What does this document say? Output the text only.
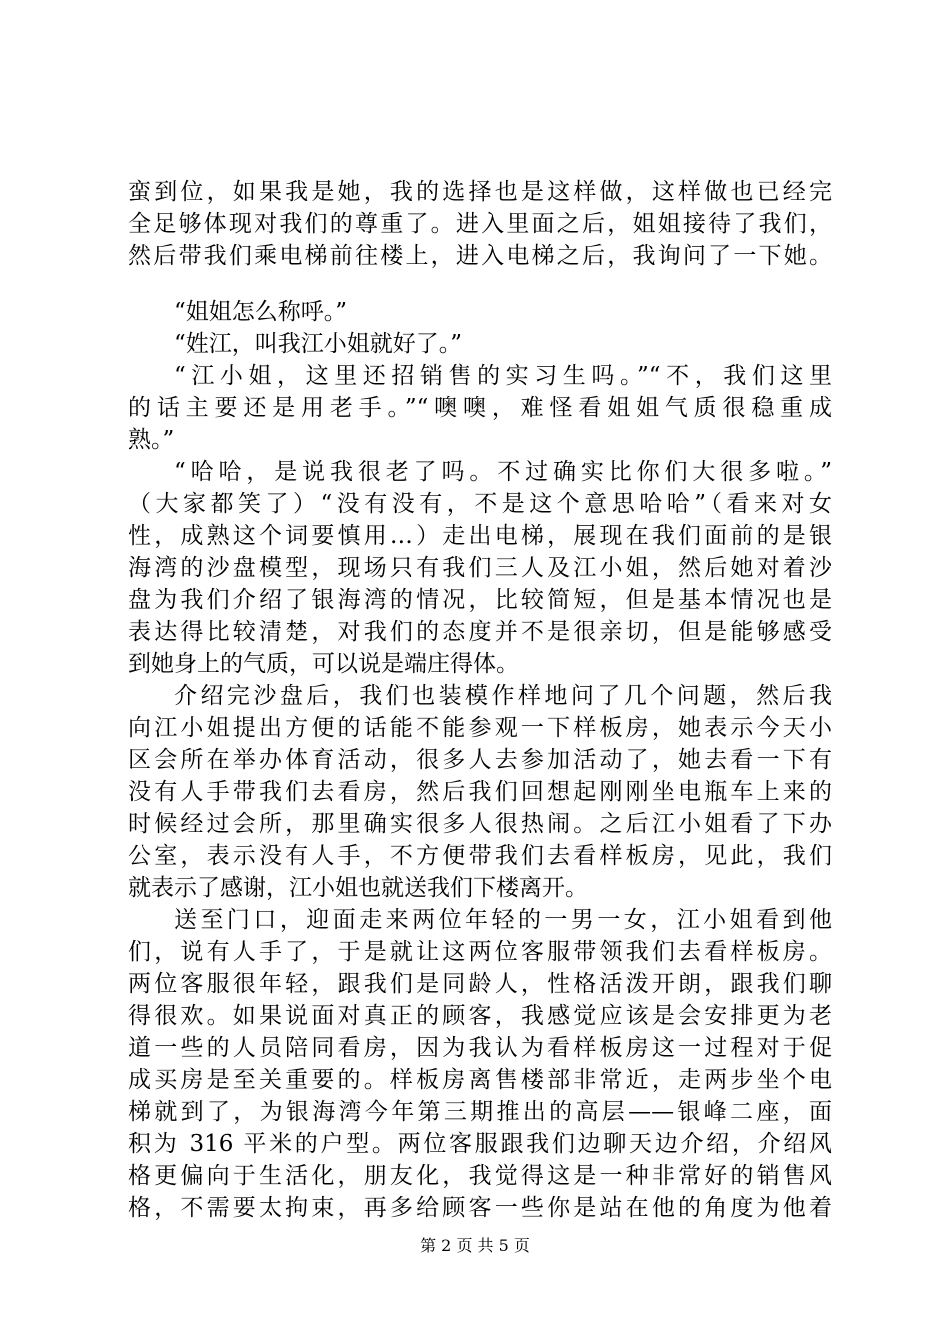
蛮到位，如果我是她，我的选择也是这样做，这样做也已经完
全足够体现对我们的尊重了。进入里面之后，姐姐接待了我们，
然后带我们乘电梯前往楼上，进入电梯之后，我询问了一下她。
“姐姐怎么称呼。”
“姓江，叫我江小姐就好了。”
“江小姐，这里还招销售的实习生吗。”“不，我们这里
的话主要还是用老手。”“噢噢，难怪看姐姐气质很稳重成
熟。”
“哈哈，是说我很老了吗。不过确实比你们大很多啦。”
（大家都笑了）“没有没有，不是这个意思哈哈”（看来对女
性，成熟这个词要慎用…）走出电梯，展现在我们面前的是银
海湾的沙盘模型，现场只有我们三人及江小姐，然后她对着沙
盘为我们介绍了银海湾的情况，比较简短，但是基本情况也是
表达得比较清楚，对我们的态度并不是很亲切，但是能够感受
到她身上的气质，可以说是端庄得体。
介绍完沙盘后，我们也装模作样地问了几个问题，然后我
向江小姐提出方便的话能不能参观一下样板房，她表示今天小
区会所在举办体育活动，很多人去参加活动了，她去看一下有
没有人手带我们去看房，然后我们回想起刚刚坐电瓶车上来的
时候经过会所，那里确实很多人很热闹。之后江小姐看了下办
公室，表示没有人手，不方便带我们去看样板房，见此，我们
就表示了感谢，江小姐也就送我们下楼离开。
送至门口，迎面走来两位年轻的一男一女，江小姐看到他
们，说有人手了，于是就让这两位客服带领我们去看样板房。
两位客服很年轻，跟我们是同龄人，性格活泼开朗，跟我们聊
得很欢。如果说面对真正的顾客，我感觉应该是会安排更为老
道一些的人员陪同看房，因为我认为看样板房这一过程对于促
成买房是至关重要的。样板房离售楼部非常近，走两步坐个电
梯就到了，为银海湾今年第三期推出的高层——银峰二座，面
积为 316 平米的户型。两位客服跟我们边聊天边介绍，介绍风
格更偏向于生活化，朋友化，我觉得这是一种非常好的销售风
格，不需要太拘束，再多给顾客一些你是站在他的角度为他着
第 2 页 共 5 页
